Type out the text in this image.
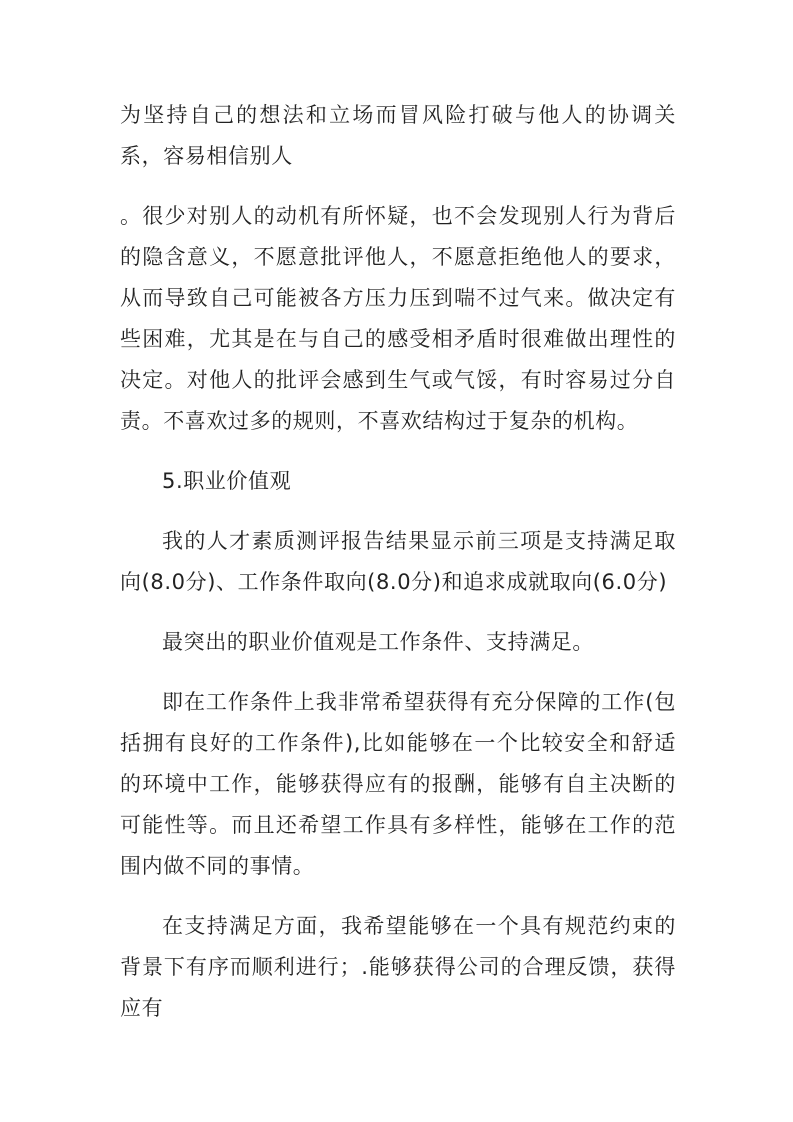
为坚持自己的想法和立场而冒风险打破与他人的协调关系，容易相信别人

。很少对别人的动机有所怀疑，也不会发现别人行为背后的隐含意义，不愿意批评他人，不愿意拒绝他人的要求，从而导致自己可能被各方压力压到喘不过气来。做决定有些困难，尤其是在与自己的感受相矛盾时很难做出理性的决定。对他人的批评会感到生气或气馁，有时容易过分自责。不喜欢过多的规则，不喜欢结构过于复杂的机构。

5.职业价值观

我的人才素质测评报告结果显示前三项是支持满足取向(8.0分)、工作条件取向(8.0分)和追求成就取向(6.0分)

最突出的职业价值观是工作条件、支持满足。

即在工作条件上我非常希望获得有充分保障的工作(包括拥有良好的工作条件),比如能够在一个比较安全和舒适的环境中工作，能够获得应有的报酬，能够有自主决断的可能性等。而且还希望工作具有多样性，能够在工作的范围内做不同的事情。

在支持满足方面，我希望能够在一个具有规范约束的背景下有序而顺利进行；.能够获得公司的合理反馈，获得应有
